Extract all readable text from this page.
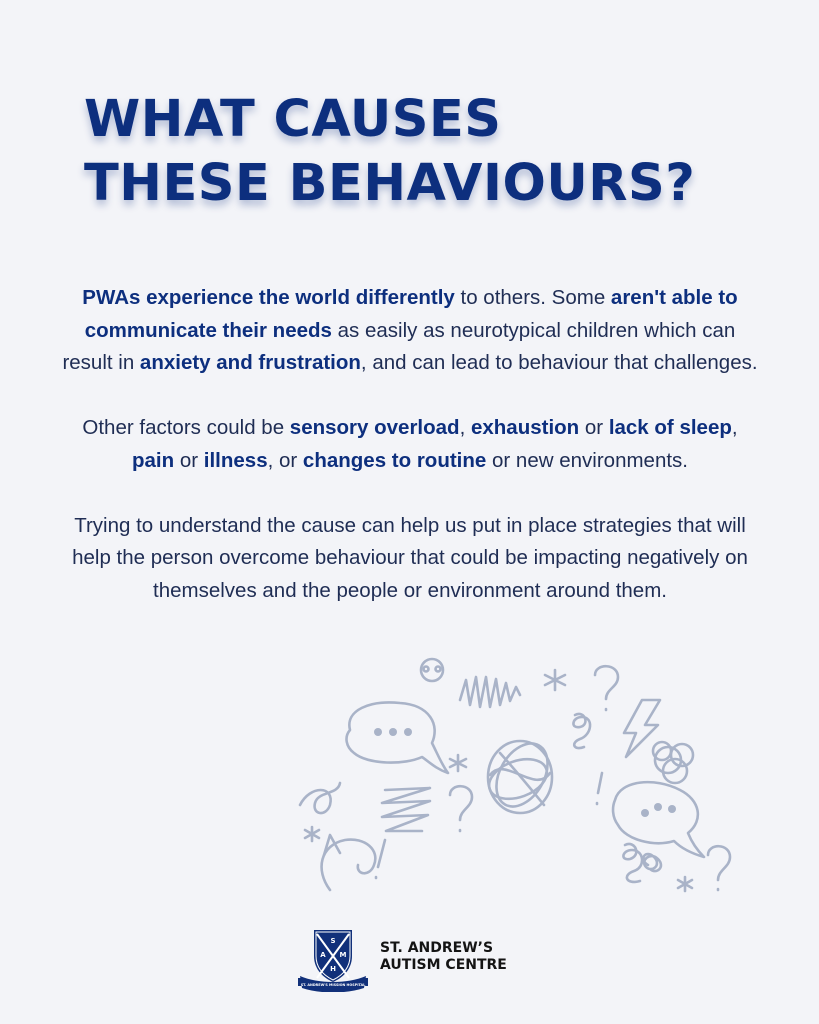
WHAT CAUSES
THESE BEHAVIOURS?

PWAs experience the world differently to others. Some aren't able to communicate their needs as easily as neurotypical children which can result in anxiety and frustration, and can lead to behaviour that challenges.

Other factors could be sensory overload, exhaustion or lack of sleep, pain or illness, or changes to routine or new environments.

Trying to understand the cause can help us put in place strategies that will help the person overcome behaviour that could be impacting negatively on themselves and the people or environment around them.

S
A M
H
ST. ANDREW'S MISSION HOSPITAL
ST. ANDREW’S
AUTISM CENTRE
